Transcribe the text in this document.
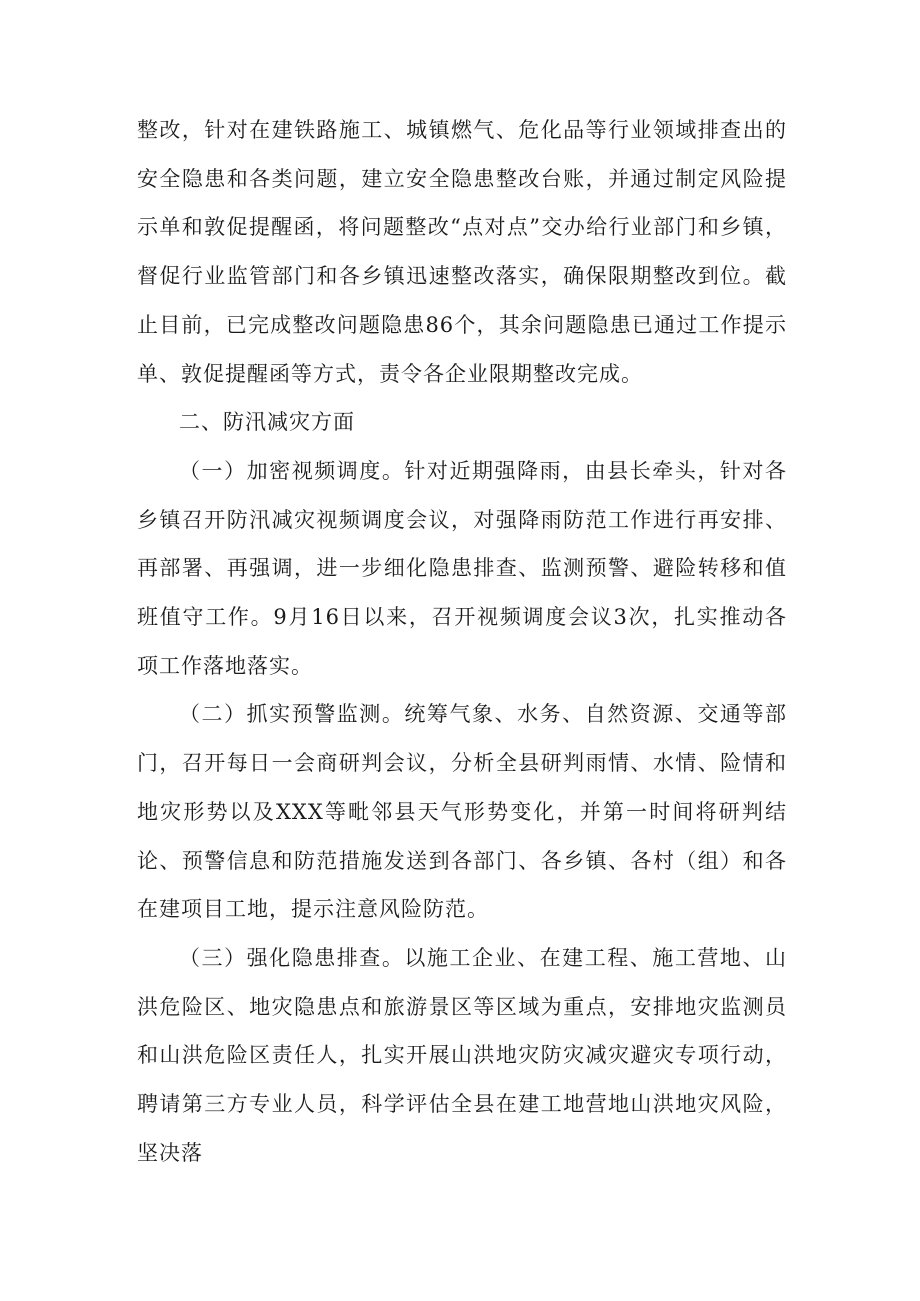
整改，针对在建铁路施工、城镇燃气、危化品等行业领域排查出的安全隐患和各类问题，建立安全隐患整改台账，并通过制定风险提示单和敦促提醒函，将问题整改“点对点”交办给行业部门和乡镇，督促行业监管部门和各乡镇迅速整改落实，确保限期整改到位。截止目前，已完成整改问题隐患86个，其余问题隐患已通过工作提示单、敦促提醒函等方式，责令各企业限期整改完成。

二、防汛减灾方面

（一）加密视频调度。针对近期强降雨，由县长牵头，针对各乡镇召开防汛减灾视频调度会议，对强降雨防范工作进行再安排、再部署、再强调，进一步细化隐患排查、监测预警、避险转移和值班值守工作。9月16日以来，召开视频调度会议3次，扎实推动各项工作落地落实。

（二）抓实预警监测。统筹气象、水务、自然资源、交通等部门，召开每日一会商研判会议，分析全县研判雨情、水情、险情和地灾形势以及XXX等毗邻县天气形势变化，并第一时间将研判结论、预警信息和防范措施发送到各部门、各乡镇、各村（组）和各在建项目工地，提示注意风险防范。

（三）强化隐患排查。以施工企业、在建工程、施工营地、山洪危险区、地灾隐患点和旅游景区等区域为重点，安排地灾监测员和山洪危险区责任人，扎实开展山洪地灾防灾减灾避灾专项行动，聘请第三方专业人员，科学评估全县在建工地营地山洪地灾风险，坚决落
